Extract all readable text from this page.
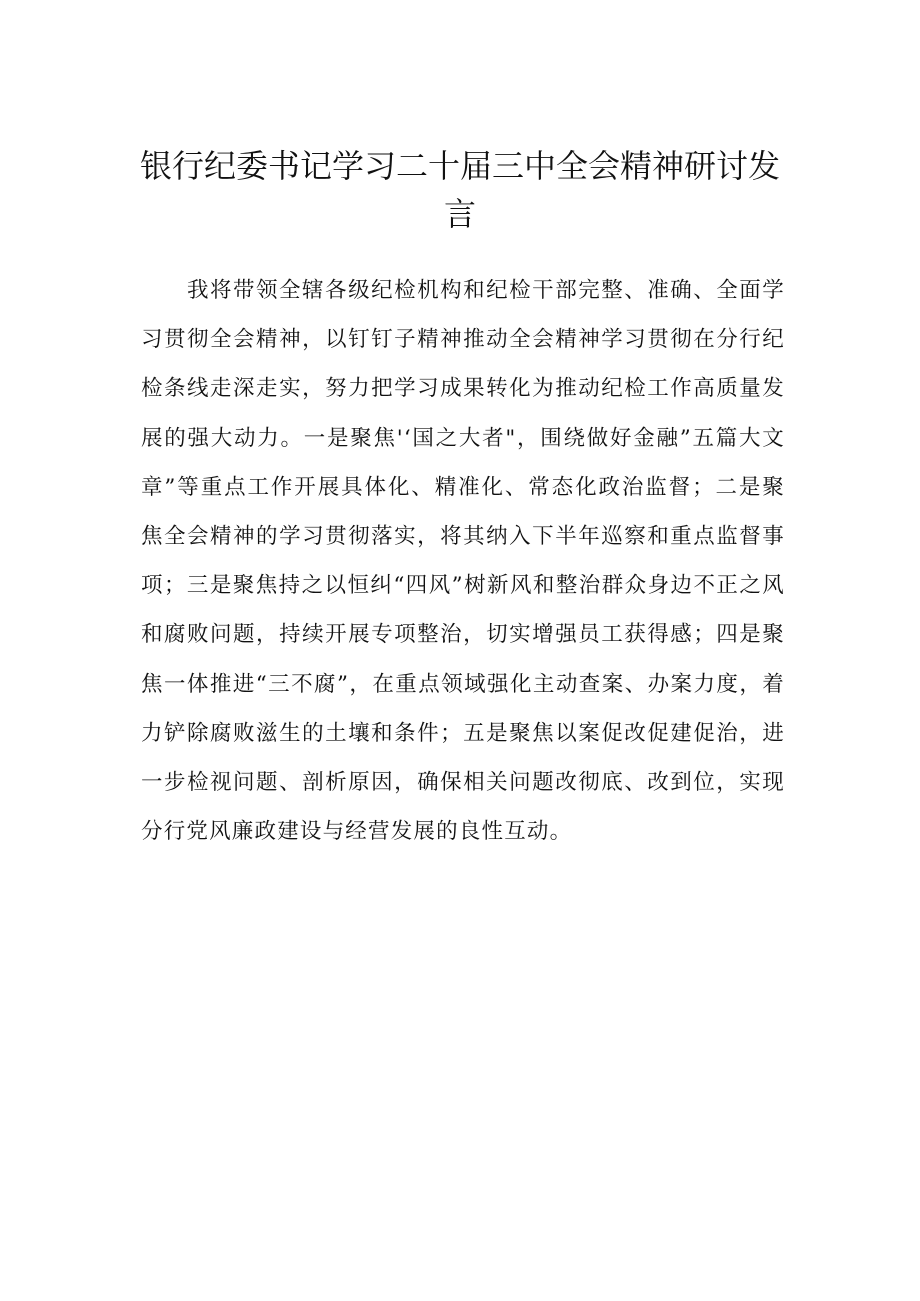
银行纪委书记学习二十届三中全会精神研讨发言

我将带领全辖各级纪检机构和纪检干部完整、准确、全面学习贯彻全会精神，以钉钉子精神推动全会精神学习贯彻在分行纪检条线走深走实，努力把学习成果转化为推动纪检工作高质量发展的强大动力。一是聚焦'‘国之大者"，围绕做好金融”五篇大文章”等重点工作开展具体化、精准化、常态化政治监督；二是聚焦全会精神的学习贯彻落实，将其纳入下半年巡察和重点监督事项；三是聚焦持之以恒纠“四风”树新风和整治群众身边不正之风和腐败问题，持续开展专项整治，切实增强员工获得感；四是聚焦一体推进“三不腐”，在重点领域强化主动查案、办案力度，着力铲除腐败滋生的土壤和条件；五是聚焦以案促改促建促治，进一步检视问题、剖析原因，确保相关问题改彻底、改到位，实现分行党风廉政建设与经营发展的良性互动。
